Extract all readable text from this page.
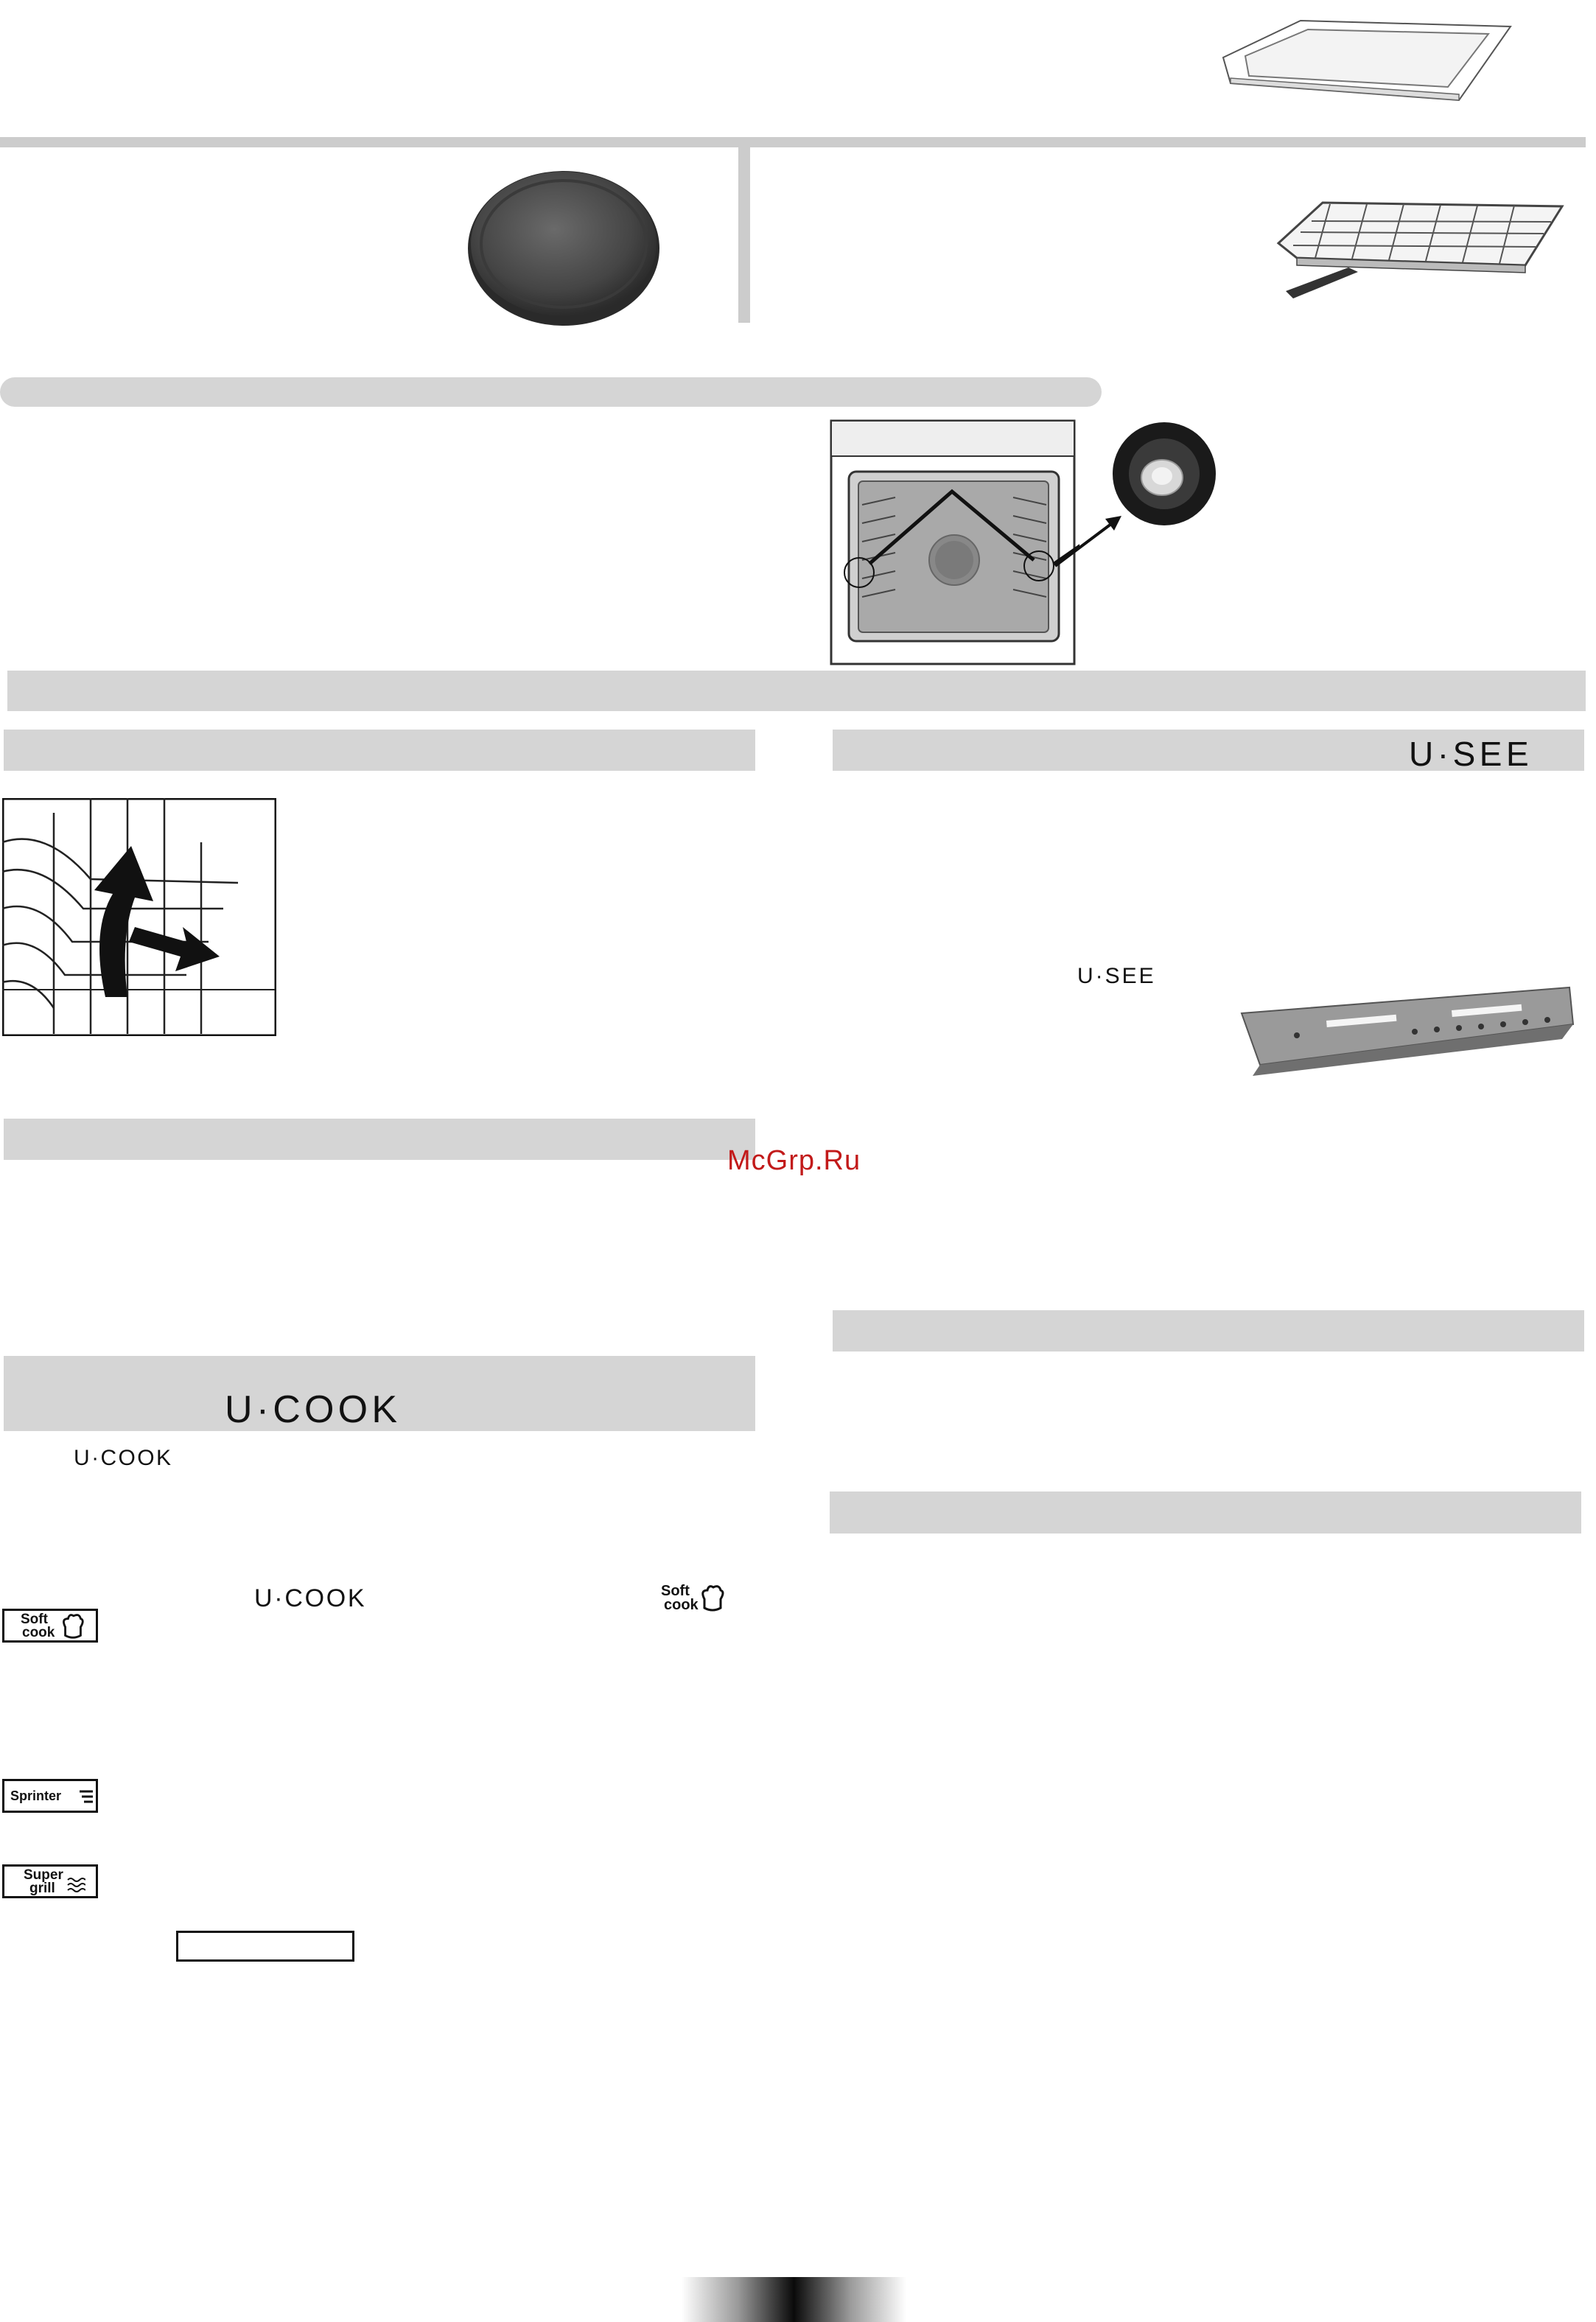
U·SEE
U·SEE
McGrp.Ru
U·COOK
U·COOK
U·COOK	Soft
cook
Soft
cook
Sprinter
Super
grill
